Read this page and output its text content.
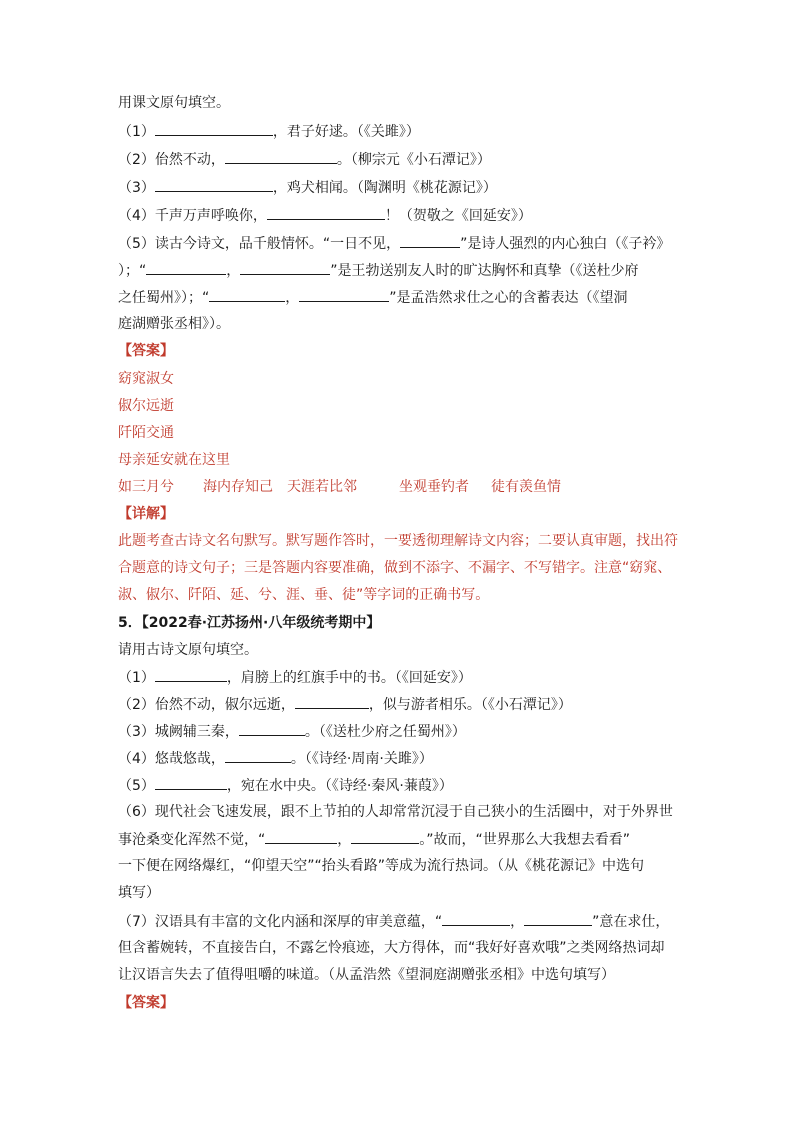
用课文原句填空。

（1）	，君子好逑。（《关雎》）

（2）佁然不动，	。（柳宗元《小石潭记》）

（3）	，鸡犬相闻。（陶渊明《桃花源记》）

（4）千声万声呼唤你，	！（贺敬之《回延安》）

（5）读古今诗文，品千般情怀。“一日不见，	”是诗人强烈的内心独白（《子衿》

）；“	，	”是王勃送别友人时的旷达胸怀和真挚（《送杜少府

之任蜀州》）；“	，	”是孟浩然求仕之心的含蓄表达（《望洞

庭湖赠张丞相》）。

【答案】

窈窕淑女

俶尔远逝

阡陌交通

母亲延安就在这里

如三月兮 海内存知己 天涯若比邻	坐观垂钓者 徒有羡鱼情

【详解】

此题考查古诗文名句默写。默写题作答时，一要透彻理解诗文内容；二要认真审题，找出符

合题意的诗文句子；三是答题内容要准确，做到不添字、不漏字、不写错字。注意“窈窕、

淑、俶尔、阡陌、延、兮、涯、垂、徒”等字词的正确书写。

5．【2022春·江苏扬州·八年级统考期中】

请用古诗文原句填空。

（1）	，肩膀上的红旗手中的书。（《回延安》）

（2）佁然不动，俶尔远逝，	，似与游者相乐。（《小石潭记》）

（3）城阙辅三秦，	。（《送杜少府之任蜀州》）

（4）悠哉悠哉，	。（《诗经·周南·关雎》）

（5）	，宛在水中央。（《诗经·秦风·蒹葭》）

（6）现代社会飞速发展，跟不上节拍的人却常常沉浸于自己狭小的生活圈中，对于外界世

事沧桑变化浑然不觉，“	，	。”故而，“世界那么大我想去看看”

一下便在网络爆红，“仰望天空”“抬头看路”等成为流行热词。（从《桃花源记》中选句

填写）

（7）汉语具有丰富的文化内涵和深厚的审美意蕴，“	，	”意在求仕，

但含蓄婉转，不直接告白，不露乞怜痕迹，大方得体，而“我好好喜欢哦”之类网络热词却

让汉语言失去了值得咀嚼的味道。（从孟浩然《望洞庭湖赠张丞相》中选句填写）

【答案】
